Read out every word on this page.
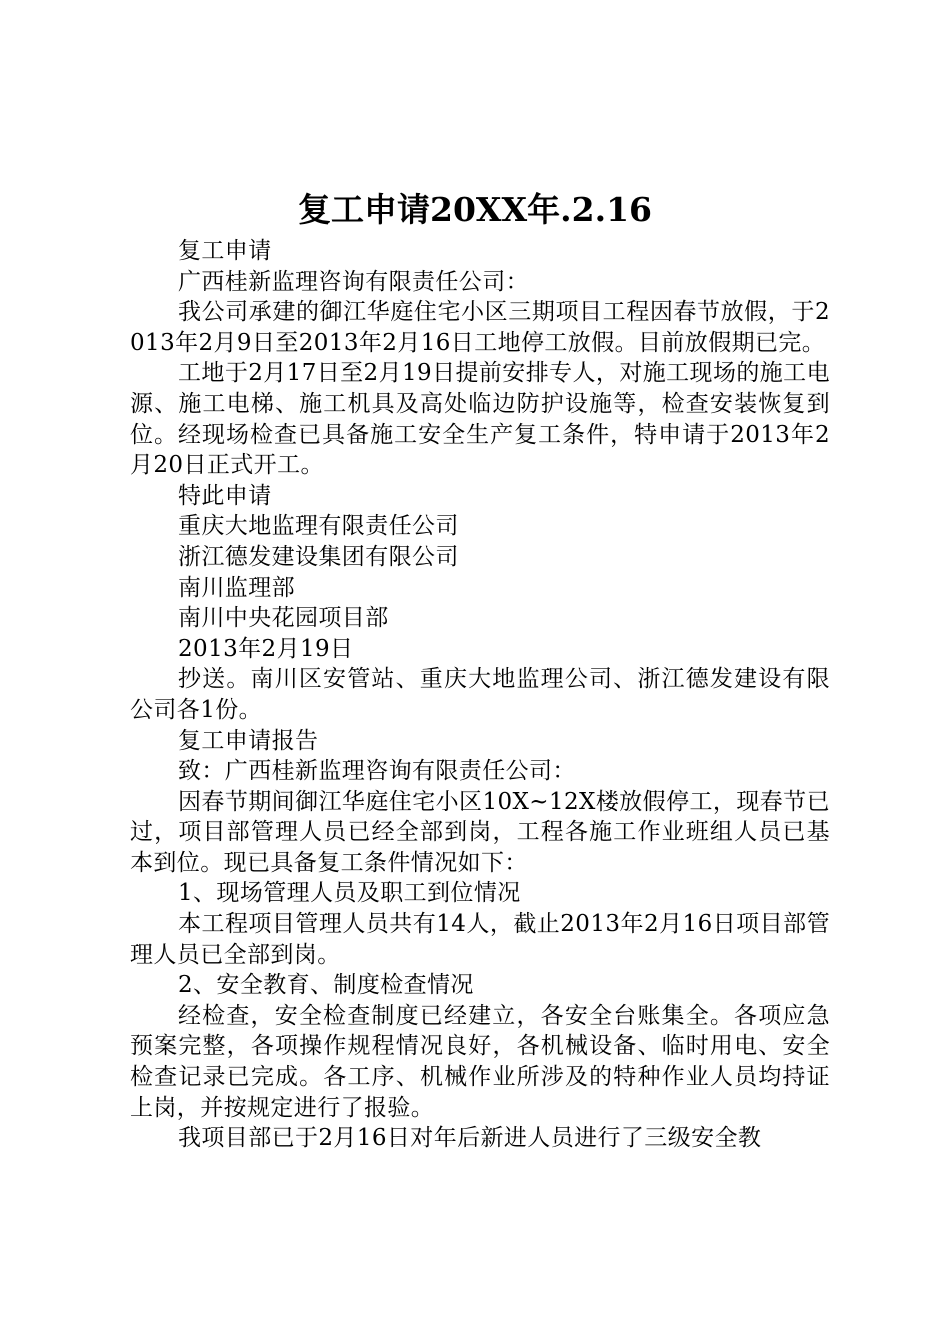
复工申请20XX年.2.16

复工申请

广西桂新监理咨询有限责任公司：

我公司承建的御江华庭住宅小区三期项目工程因春节放假，于2013年2月9日至2013年2月16日工地停工放假。目前放假期已完。

工地于2月17日至2月19日提前安排专人，对施工现场的施工电源、施工电梯、施工机具及高处临边防护设施等，检查安装恢复到位。经现场检查已具备施工安全生产复工条件，特申请于2013年2月20日正式开工。

特此申请

重庆大地监理有限责任公司

浙江德发建设集团有限公司

南川监理部

南川中央花园项目部

2013年2月19日

抄送。南川区安管站、重庆大地监理公司、浙江德发建设有限公司各1份。

复工申请报告

致：广西桂新监理咨询有限责任公司：

因春节期间御江华庭住宅小区10X~12X楼放假停工，现春节已过，项目部管理人员已经全部到岗，工程各施工作业班组人员已基本到位。现已具备复工条件情况如下：

1、现场管理人员及职工到位情况

本工程项目管理人员共有14人，截止2013年2月16日项目部管理人员已全部到岗。

2、安全教育、制度检查情况

经检查，安全检查制度已经建立，各安全台账集全。各项应急预案完整，各项操作规程情况良好，各机械设备、临时用电、安全检查记录已完成。各工序、机械作业所涉及的特种作业人员均持证上岗，并按规定进行了报验。

我项目部已于2月16日对年后新进人员进行了三级安全教
